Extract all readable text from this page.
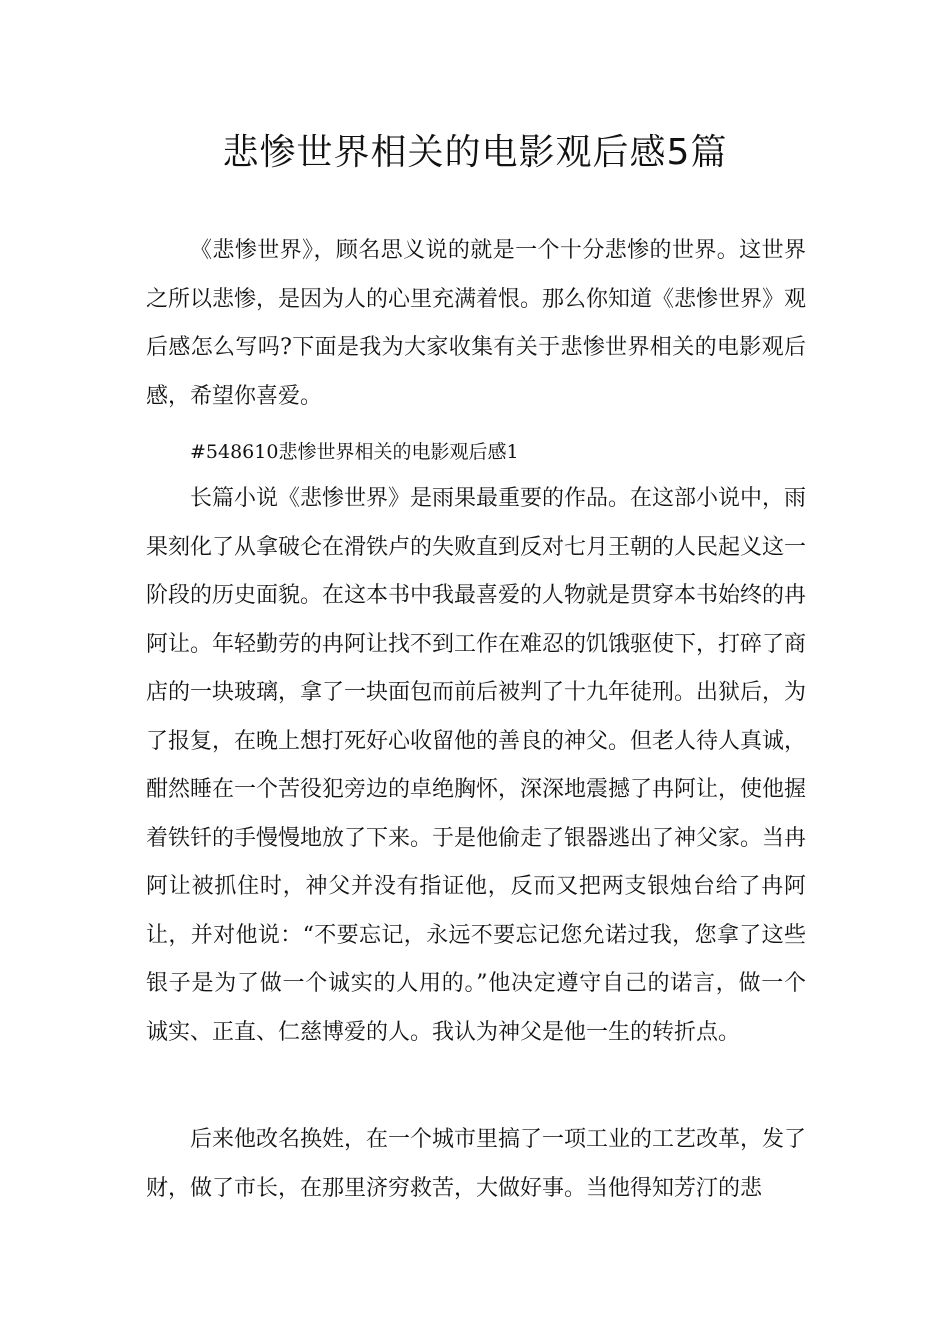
悲惨世界相关的电影观后感5篇

《悲惨世界》，顾名思义说的就是一个十分悲惨的世界。这世界之所以悲惨，是因为人的心里充满着恨。那么你知道《悲惨世界》观后感怎么写吗?下面是我为大家收集有关于悲惨世界相关的电影观后感，希望你喜爱。

#548610悲惨世界相关的电影观后感1

长篇小说《悲惨世界》是雨果最重要的作品。在这部小说中，雨果刻化了从拿破仑在滑铁卢的失败直到反对七月王朝的人民起义这一阶段的历史面貌。在这本书中我最喜爱的人物就是贯穿本书始终的冉阿让。年轻勤劳的冉阿让找不到工作在难忍的饥饿驱使下，打碎了商店的一块玻璃，拿了一块面包而前后被判了十九年徒刑。出狱后，为了报复，在晚上想打死好心收留他的善良的神父。但老人待人真诚，酣然睡在一个苦役犯旁边的卓绝胸怀，深深地震撼了冉阿让，使他握着铁钎的手慢慢地放了下来。于是他偷走了银器逃出了神父家。当冉阿让被抓住时，神父并没有指证他，反而又把两支银烛台给了冉阿让，并对他说：“不要忘记，永远不要忘记您允诺过我，您拿了这些银子是为了做一个诚实的人用的。”他决定遵守自己的诺言，做一个诚实、正直、仁慈博爱的人。我认为神父是他一生的转折点。

后来他改名换姓，在一个城市里搞了一项工业的工艺改革，发了财，做了市长，在那里济穷救苦，大做好事。当他得知芳汀的悲
